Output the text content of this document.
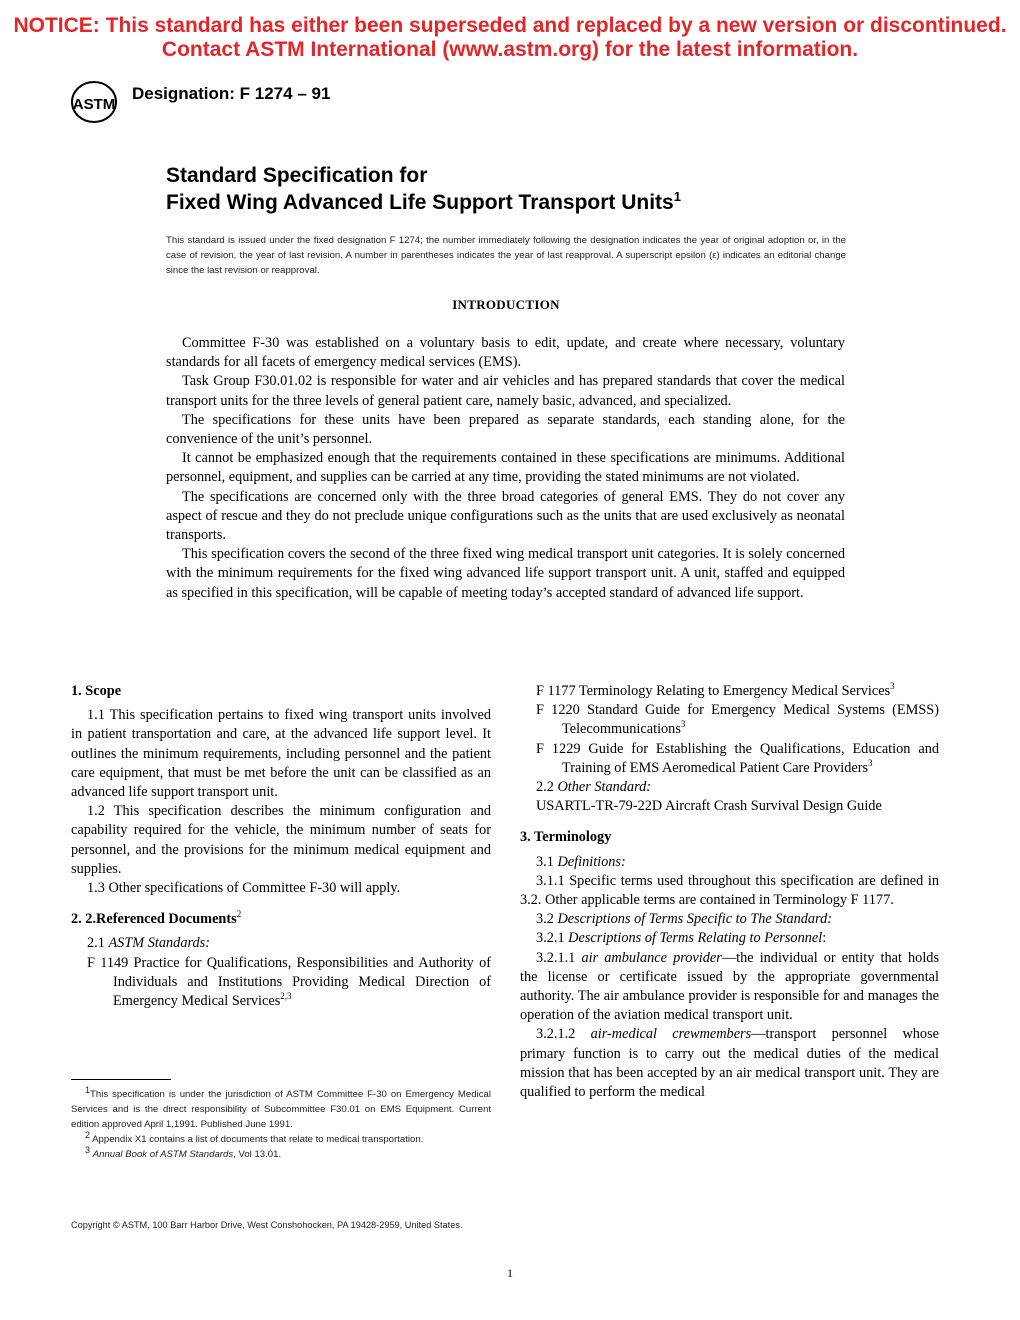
NOTICE: This standard has either been superseded and replaced by a new version or discontinued.
Contact ASTM International (www.astm.org) for the latest information.
ASTM
Designation: F 1274 – 91
Standard Specification for
Fixed Wing Advanced Life Support Transport Units$^1$
This standard is issued under the fixed designation F 1274; the number immediately following the designation indicates the year of original adoption or, in the case of revision, the year of last revision. A number in parentheses indicates the year of last reapproval. A superscript epsilon (ε) indicates an editorial change since the last revision or reapproval.
INTRODUCTION

Committee F-30 was established on a voluntary basis to edit, update, and create where necessary, voluntary standards for all facets of emergency medical services (EMS).

Task Group F30.01.02 is responsible for water and air vehicles and has prepared standards that cover the medical transport units for the three levels of general patient care, namely basic, advanced, and specialized.

The specifications for these units have been prepared as separate standards, each standing alone, for the convenience of the unit’s personnel.

It cannot be emphasized enough that the requirements contained in these specifications are minimums. Additional personnel, equipment, and supplies can be carried at any time, providing the stated minimums are not violated.

The specifications are concerned only with the three broad categories of general EMS. They do not cover any aspect of rescue and they do not preclude unique configurations such as the units that are used exclusively as neonatal transports.

This specification covers the second of the three fixed wing medical transport unit categories. It is solely concerned with the minimum requirements for the fixed wing advanced life support transport unit. A unit, staffed and equipped as specified in this specification, will be capable of meeting today’s accepted standard of advanced life support.

1. Scope

1.1 This specification pertains to fixed wing transport units involved in patient transportation and care, at the advanced life support level. It outlines the minimum requirements, including personnel and the patient care equipment, that must be met before the unit can be classified as an advanced life support transport unit.

1.2 This specification describes the minimum configuration and capability required for the vehicle, the minimum number of seats for personnel, and the provisions for the minimum medical equipment and supplies.

1.3 Other specifications of Committee F-30 will apply.

2. 2.Referenced Documents$^2$

2.1 ASTM Standards:

F 1149 Practice for Qualifications, Responsibilities and Authority of Individuals and Institutions Providing Medical Direction of Emergency Medical Services$^{2,3}$

$^1$This specification is under the jurisdiction of ASTM Committee F-30 on Emergency Medical Services and is the direct responsibility of Subcommittee F30.01 on EMS Equipment. Current edition approved April 1,1991. Published June 1991.

$^2$ Appendix X1 contains a list of documents that relate to medical transportation.

$^3$ Annual Book of ASTM Standards, Vol 13.01.

F 1177 Terminology Relating to Emergency Medical Services$^3$

F 1220 Standard Guide for Emergency Medical Systems (EMSS) Telecommunications$^3$

F 1229 Guide for Establishing the Qualifications, Education and Training of EMS Aeromedical Patient Care Providers$^3$

2.2 Other Standard:

USARTL-TR-79-22D Aircraft Crash Survival Design Guide

3. Terminology

3.1 Definitions:

3.1.1 Specific terms used throughout this specification are defined in 3.2. Other applicable terms are contained in Terminology F 1177.

3.2 Descriptions of Terms Specific to The Standard:

3.2.1 Descriptions of Terms Relating to Personnel:

3.2.1.1 air ambulance provider—the individual or entity that holds the license or certificate issued by the appropriate governmental authority. The air ambulance provider is responsible for and manages the operation of the aviation medical transport unit.

3.2.1.2 air-medical crewmembers—transport personnel whose primary function is to carry out the medical duties of the medical mission that has been accepted by an air medical transport unit. They are qualified to perform the medical

Copyright © ASTM, 100 Barr Harbor Drive, West Conshohocken, PA 19428-2959, United States.
1
